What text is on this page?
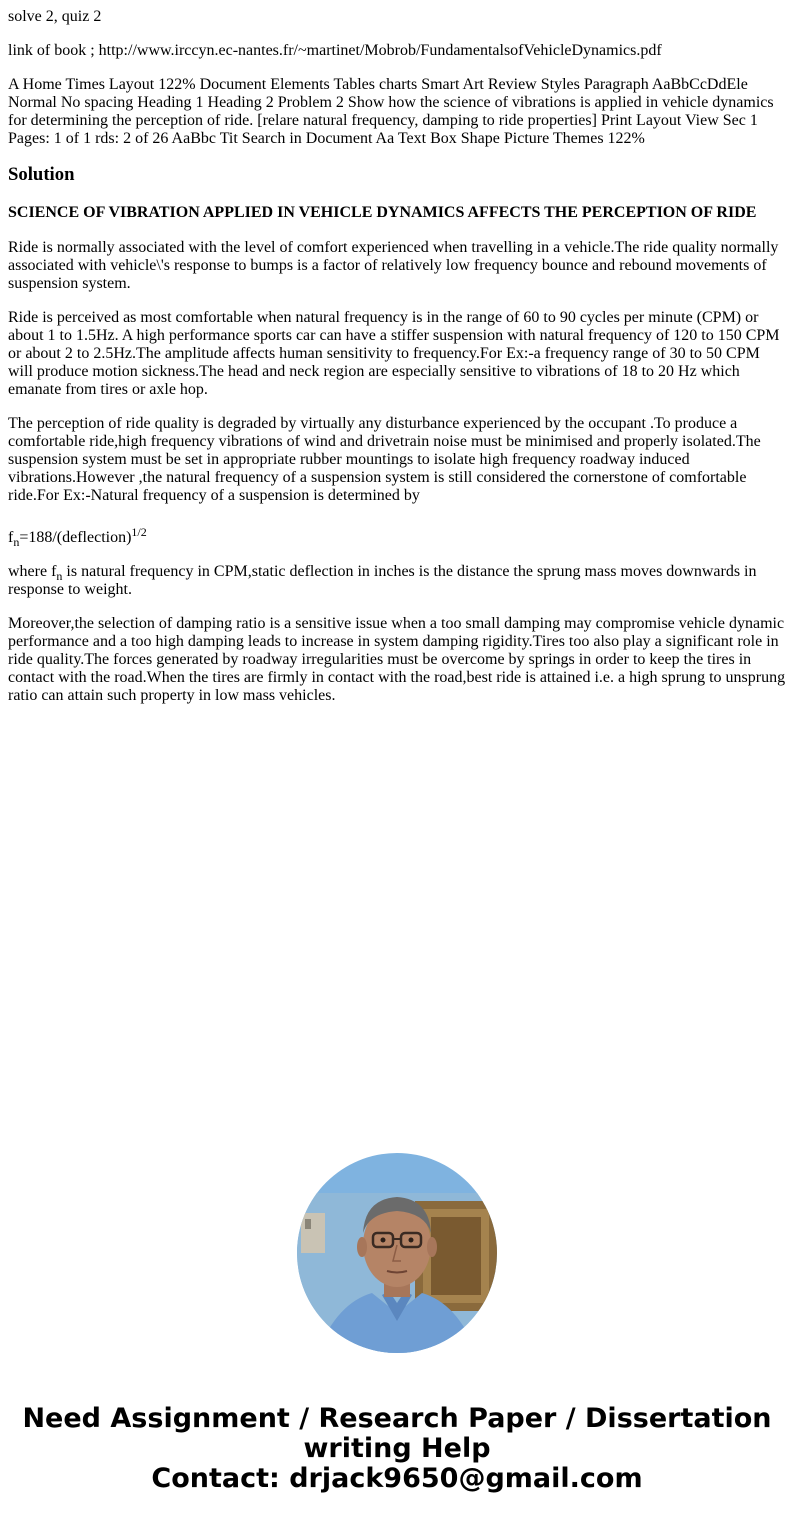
solve 2, quiz 2

link of book ; http://www.irccyn.ec-nantes.fr/~martinet/Mobrob/FundamentalsofVehicleDynamics.pdf

A Home Times Layout 122% Document Elements Tables charts Smart Art Review Styles Paragraph AaBbCcDdEle Normal No spacing Heading 1 Heading 2 Problem 2 Show how the science of vibrations is applied in vehicle dynamics for determining the perception of ride. [relare natural frequency, damping to ride properties] Print Layout View Sec 1 Pages: 1 of 1 rds: 2 of 26 AaBbc Tit Search in Document Aa Text Box Shape Picture Themes 122%

Solution
SCIENCE OF VIBRATION APPLIED IN VEHICLE DYNAMICS AFFECTS THE PERCEPTION OF RIDE

Ride is normally associated with the level of comfort experienced when travelling in a vehicle.The ride quality normally associated with vehicle\'s response to bumps is a factor of relatively low frequency bounce and rebound movements of suspension system.

Ride is perceived as most comfortable when natural frequency is in the range of 60 to 90 cycles per minute (CPM) or about 1 to 1.5Hz. A high performance sports car can have a stiffer suspension with natural frequency of 120 to 150 CPM or about 2 to 2.5Hz.The amplitude affects human sensitivity to frequency.For Ex:-a frequency range of 30 to 50 CPM will produce motion sickness.The head and neck region are especially sensitive to vibrations of 18 to 20 Hz which emanate from tires or axle hop.

The perception of ride quality is degraded by virtually any disturbance experienced by the occupant .To produce a comfortable ride,high frequency vibrations of wind and drivetrain noise must be minimised and properly isolated.The suspension system must be set in appropriate rubber mountings to isolate high frequency roadway induced vibrations.However ,the natural frequency of a suspension system is still considered the cornerstone of comfortable ride.For Ex:-Natural frequency of a suspension is determined by

$f_n=188/(deflection)^{1/2}$

where $f_n$ is natural frequency in CPM,static deflection in inches is the distance the sprung mass moves downwards in response to weight.

Moreover,the selection of damping ratio is a sensitive issue when a too small damping may compromise vehicle dynamic performance and a too high damping leads to increase in system damping rigidity.Tires too also play a significant role in ride quality.The forces generated by roadway irregularities must be overcome by springs in order to keep the tires in contact with the road.When the tires are firmly in contact with the road,best ride is attained i.e. a high sprung to unsprung ratio can attain such property in low mass vehicles.

Need Assignment / Research Paper / Dissertation
writing Help
Contact: drjack9650@gmail.com
